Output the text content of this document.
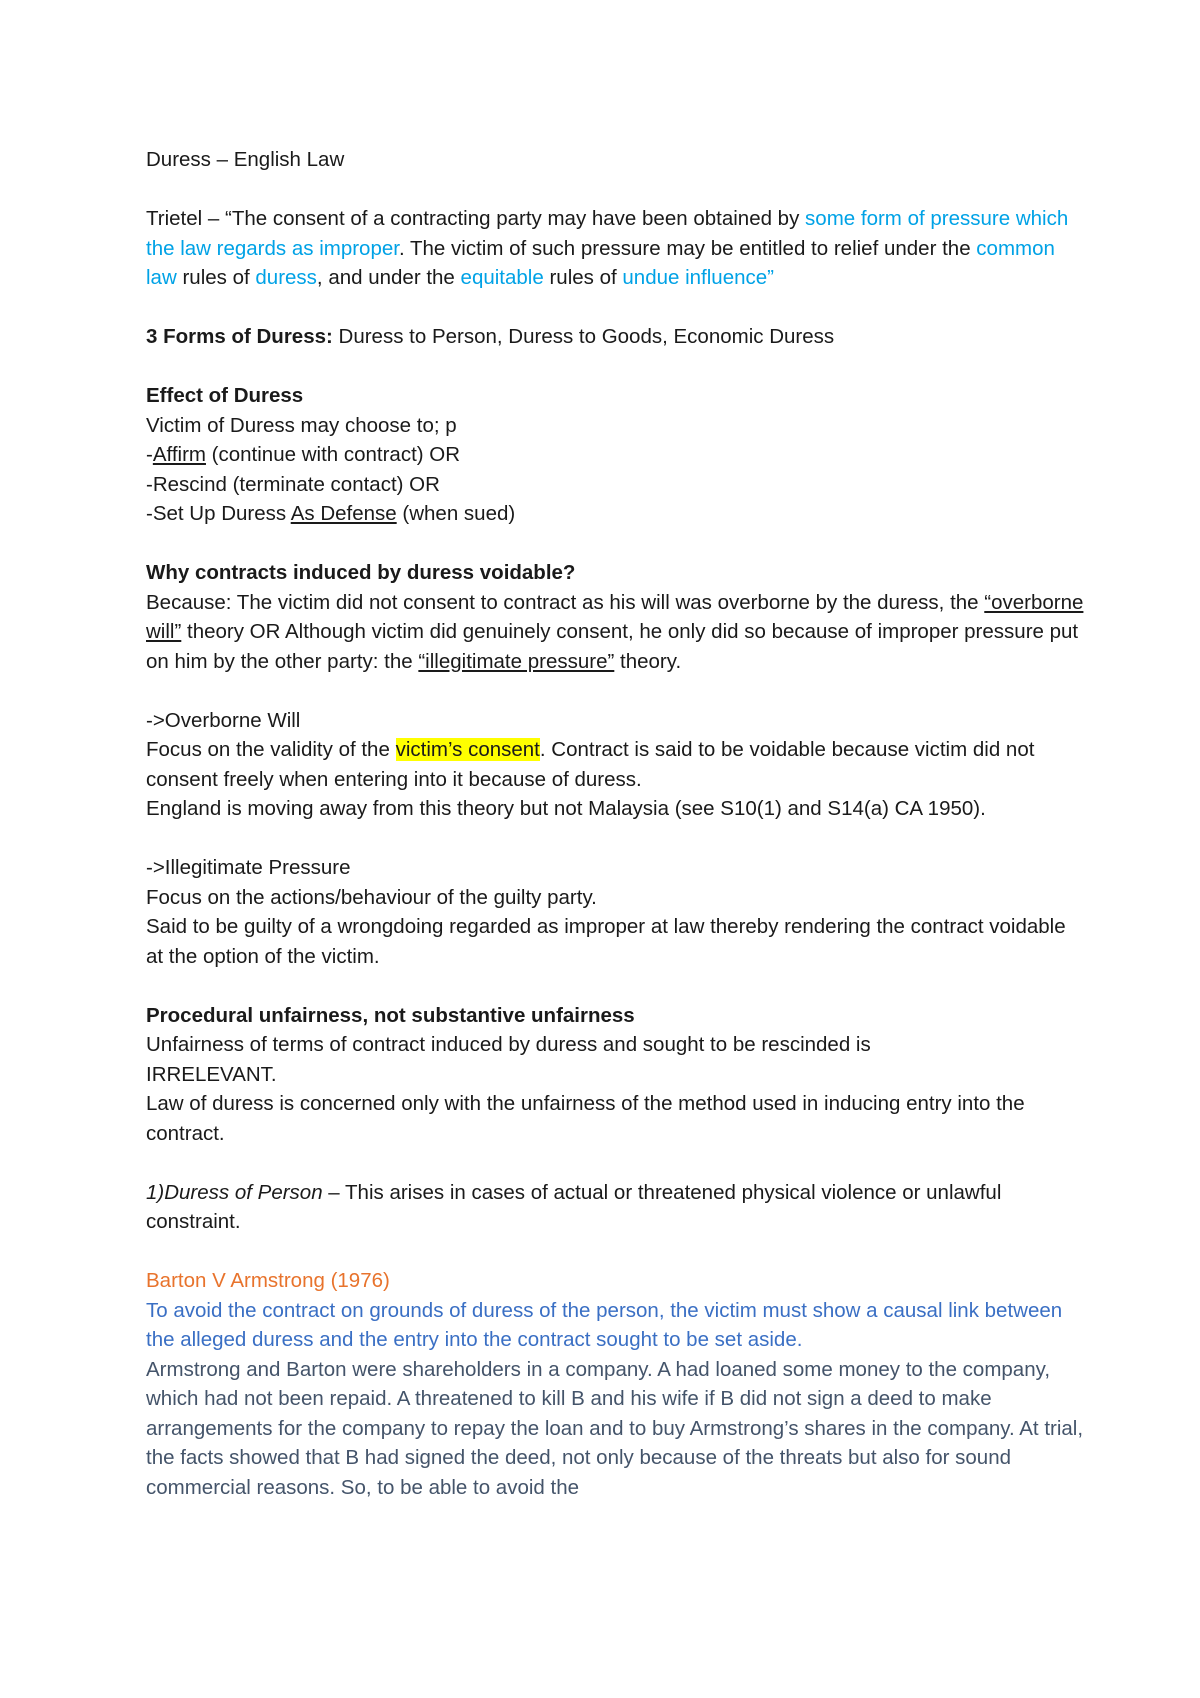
Duress – English Law
Trietel – “The consent of a contracting party may have been obtained by some form of pressure which the law regards as improper. The victim of such pressure may be entitled to relief under the common law rules of duress, and under the equitable rules of undue influence”
3 Forms of Duress: Duress to Person, Duress to Goods, Economic Duress
Effect of Duress
Victim of Duress may choose to; p
-Affirm (continue with contract) OR
-Rescind (terminate contact) OR
-Set Up Duress As Defense (when sued)
Why contracts induced by duress voidable?
Because: The victim did not consent to contract as his will was overborne by the duress, the “overborne will” theory OR Although victim did genuinely consent, he only did so because of improper pressure put on him by the other party: the “illegitimate pressure” theory.
->Overborne Will
Focus on the validity of the victim’s consent. Contract is said to be voidable because victim did not consent freely when entering into it because of duress.
England is moving away from this theory but not Malaysia (see S10(1) and S14(a) CA 1950).
->Illegitimate Pressure
Focus on the actions/behaviour of the guilty party.
Said to be guilty of a wrongdoing regarded as improper at law thereby rendering the contract voidable at the option of the victim.
Procedural unfairness, not substantive unfairness
Unfairness of terms of contract induced by duress and sought to be rescinded is IRRELEVANT.
Law of duress is concerned only with the unfairness of the method used in inducing entry into the contract.
1)Duress of Person – This arises in cases of actual or threatened physical violence or unlawful constraint.
Barton V Armstrong (1976)
To avoid the contract on grounds of duress of the person, the victim must show a causal link between the alleged duress and the entry into the contract sought to be set aside.
Armstrong and Barton were shareholders in a company. A had loaned some money to the company, which had not been repaid. A threatened to kill B and his wife if B did not sign a deed to make arrangements for the company to repay the loan and to buy Armstrong’s shares in the company. At trial, the facts showed that B had signed the deed, not only because of the threats but also for sound commercial reasons. So, to be able to avoid the
